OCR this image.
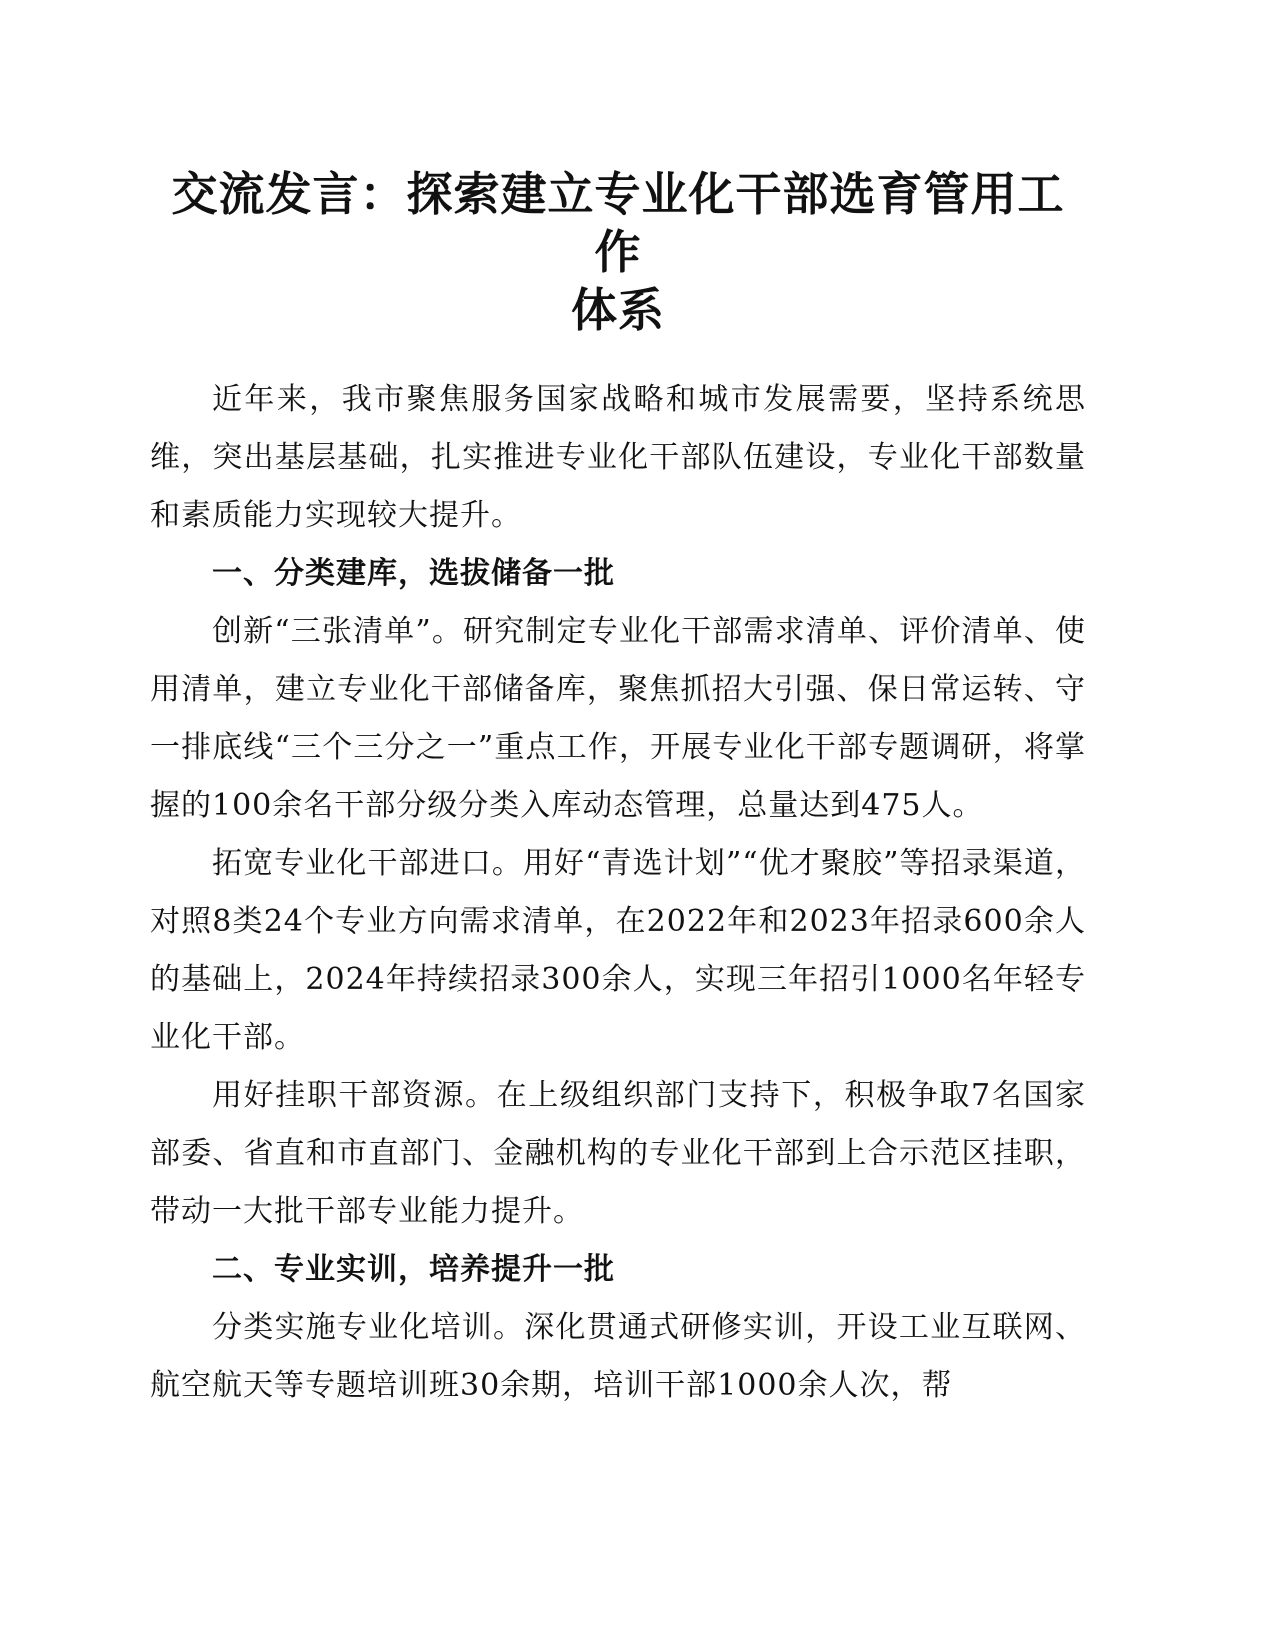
交流发言：探索建立专业化干部选育管用工作
体系

近年来，我市聚焦服务国家战略和城市发展需要，坚持系统思维，突出基层基础，扎实推进专业化干部队伍建设，专业化干部数量和素质能力实现较大提升。

一、分类建库，选拔储备一批

创新“三张清单”。研究制定专业化干部需求清单、评价清单、使用清单，建立专业化干部储备库，聚焦抓招大引强、保日常运转、守一排底线“三个三分之一”重点工作，开展专业化干部专题调研，将掌握的100余名干部分级分类入库动态管理，总量达到475人。

拓宽专业化干部进口。用好“青选计划”“优才聚胶”等招录渠道，对照8类24个专业方向需求清单，在2022年和2023年招录600余人的基础上，2024年持续招录300余人，实现三年招引1000名年轻专业化干部。

用好挂职干部资源。在上级组织部门支持下，积极争取7名国家部委、省直和市直部门、金融机构的专业化干部到上合示范区挂职，带动一大批干部专业能力提升。

二、专业实训，培养提升一批

分类实施专业化培训。深化贯通式研修实训，开设工业互联网、航空航天等专题培训班30余期，培训干部1000余人次，帮
